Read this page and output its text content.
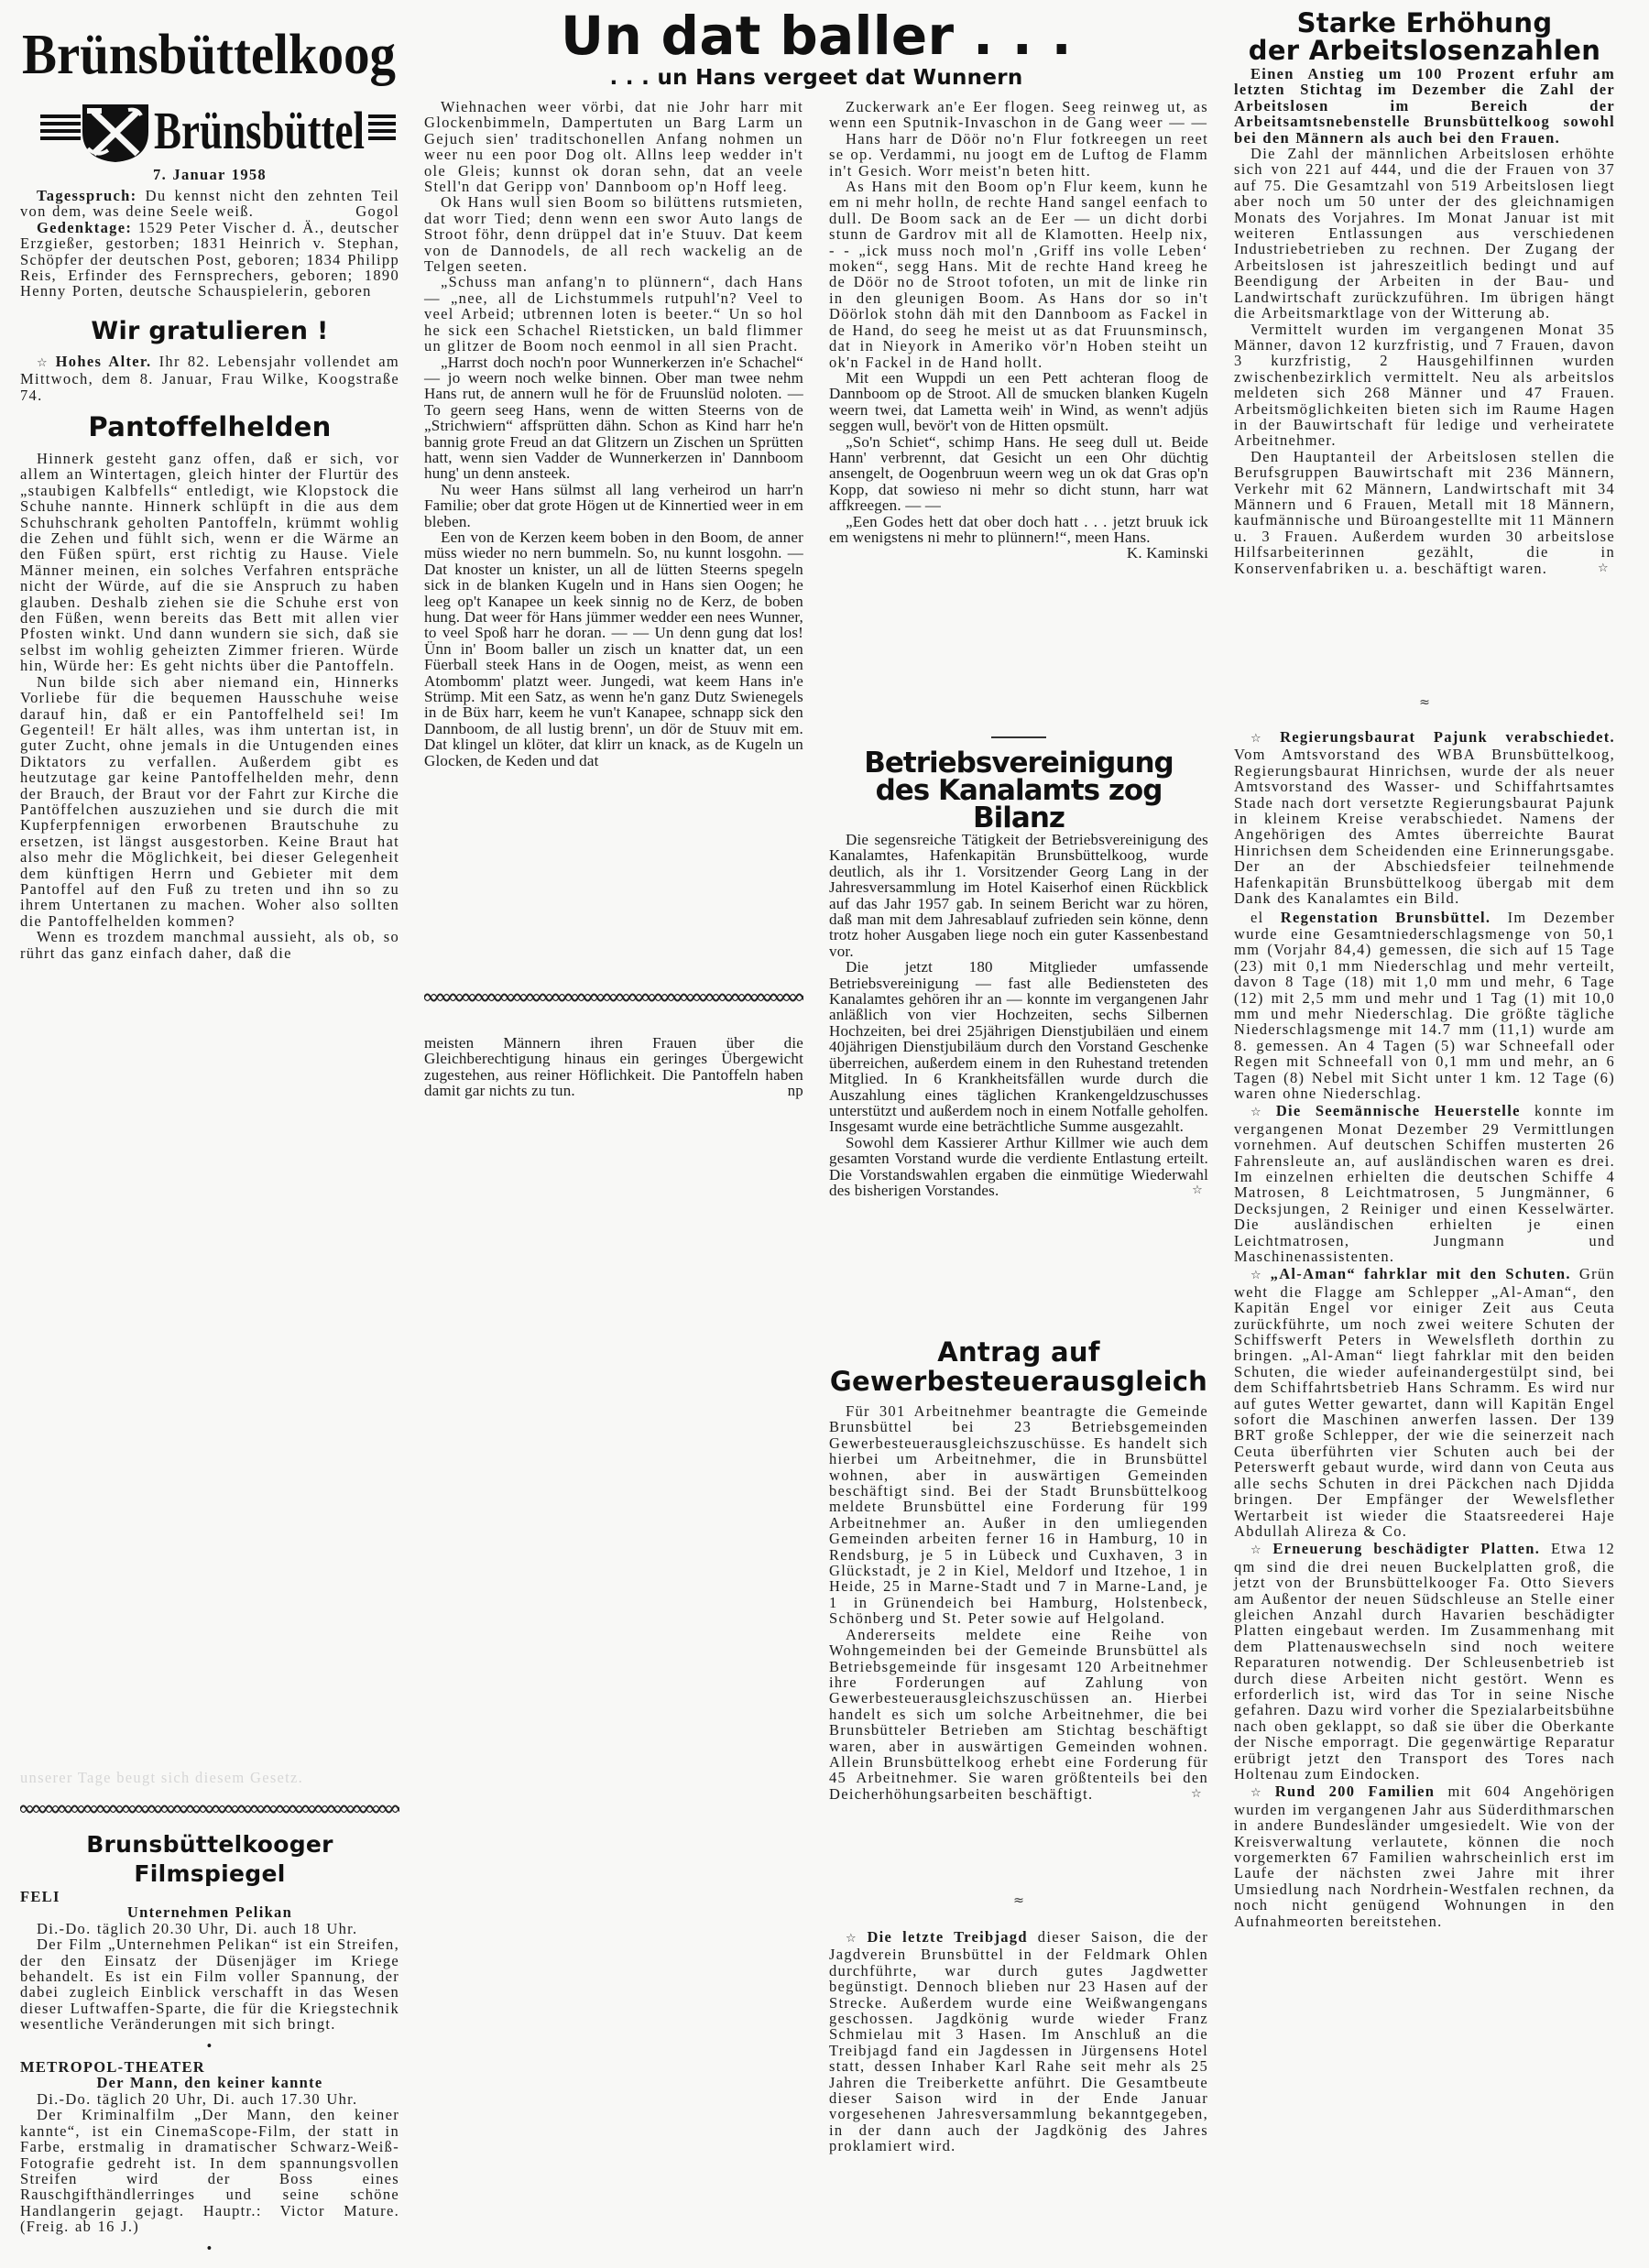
Brünsbüttelkoog
Brünsbüttel
7. Januar 1958

Tagesspruch: Du kennst nicht den zehnten Teil von dem, was deine Seele weiß.	Gogol

Gedenktage: 1529 Peter Vischer d. Ä., deutscher Erzgießer, gestorben; 1831 Heinrich v. Stephan, Schöpfer der deutschen Post, geboren; 1834 Philipp Reis, Erfinder des Fernsprechers, geboren; 1890 Henny Porten, deutsche Schauspielerin, geboren

Wir gratulieren !

☆ Hohes Alter. Ihr 82. Lebensjahr vollendet am Mittwoch, dem 8. Januar, Frau Wilke, Koogstraße 74.

Pantoffelhelden

Hinnerk gesteht ganz offen, daß er sich, vor allem an Wintertagen, gleich hinter der Flurtür des „staubigen Kalbfells“ entledigt, wie Klopstock die Schuhe nannte. Hinnerk schlüpft in die aus dem Schuhschrank geholten Pantoffeln, krümmt wohlig die Zehen und fühlt sich, wenn er die Wärme an den Füßen spürt, erst richtig zu Hause. Viele Männer meinen, ein solches Verfahren entspräche nicht der Würde, auf die sie Anspruch zu haben glauben. Deshalb ziehen sie die Schuhe erst von den Füßen, wenn bereits das Bett mit allen vier Pfosten winkt. Und dann wundern sie sich, daß sie selbst im wohlig geheizten Zimmer frieren. Würde hin, Würde her: Es geht nichts über die Pantoffeln.

Nun bilde sich aber niemand ein, Hinnerks Vorliebe für die bequemen Hausschuhe weise darauf hin, daß er ein Pantoffelheld sei! Im Gegenteil! Er hält alles, was ihm untertan ist, in guter Zucht, ohne jemals in die Untugenden eines Diktators zu verfallen. Außerdem gibt es heutzutage gar keine Pantoffelhelden mehr, denn der Brauch, der Braut vor der Fahrt zur Kirche die Pantöffelchen auszuziehen und sie durch die mit Kupferpfennigen erworbenen Brautschuhe zu ersetzen, ist längst ausgestorben. Keine Braut hat also mehr die Möglichkeit, bei dieser Gelegenheit dem künftigen Herrn und Gebieter mit dem Pantoffel auf den Fuß zu treten und ihn so zu ihrem Untertanen zu machen. Woher also sollten die Pantoffelhelden kommen?

Wenn es trozdem manchmal aussieht, als ob, so rührt das ganz einfach daher, daß die

unserer Tage beugt sich diesem Gesetz.
Brunsbüttelkooger Filmspiegel

FELI

Unternehmen Pelikan

Di.-Do. täglich 20.30 Uhr, Di. auch 18 Uhr.

Der Film „Unternehmen Pelikan“ ist ein Streifen, der den Einsatz der Düsenjäger im Kriege behandelt. Es ist ein Film voller Spannung, der dabei zugleich Einblick verschafft in das Wesen dieser Luftwaffen-Sparte, die für die Kriegstechnik wesentliche Veränderungen mit sich bringt.

•

METROPOL-THEATER

Der Mann, den keiner kannte

Di.-Do. täglich 20 Uhr, Di. auch 17.30 Uhr.

Der Kriminalfilm „Der Mann, den keiner kannte“, ist ein CinemaScope-Film, der statt in Farbe, erstmalig in dramatischer Schwarz-Weiß-Fotografie gedreht ist. In dem spannungsvollen Streifen wird der Boss eines Rauschgifthändlerringes und seine schöne Handlangerin gejagt. Hauptr.: Victor Mature. (Freig. ab 16 J.)

•

Un dat baller . . .
. . . un Hans vergeet dat Wunnern

Wiehnachen weer vörbi, dat nie Johr harr mit Glockenbimmeln, Dampertuten un Barg Larm un Gejuch sien' traditschonellen Anfang nohmen un weer nu een poor Dog olt. Allns leep wedder in't ole Gleis; kunnst ok doran sehn, dat an veele Stell'n dat Geripp von' Dannboom op'n Hoff leeg.

Ok Hans wull sien Boom so bilüttens rutsmieten, dat worr Tied; denn wenn een swor Auto langs de Stroot föhr, denn drüppel dat in'e Stuuv. Dat keem von de Dannodels, de all rech wackelig an de Telgen seeten.

„Schuss man anfang'n to plünnern“, dach Hans — „nee, all de Lichstummels rutpuhl'n? Veel to veel Arbeid; utbrennen loten is beeter.“ Un so hol he sick een Schachel Rietsticken, un bald flimmer un glitzer de Boom noch eenmol in all sien Pracht.

„Harrst doch noch'n poor Wunnerkerzen in'e Schachel“ — jo weern noch welke binnen. Ober man twee nehm Hans rut, de annern wull he för de Fruunslüd noloten. — To geern seeg Hans, wenn de witten Steerns von de „Strichwiern“ affsprütten dähn. Schon as Kind harr he'n bannig grote Freud an dat Glitzern un Zischen un Sprütten hatt, wenn sien Vadder de Wunnerkerzen in' Dannboom hung' un denn ansteek.

Nu weer Hans sülmst all lang verheirod un harr'n Familie; ober dat grote Högen ut de Kinnertied weer in em bleben.

Een von de Kerzen keem boben in den Boom, de anner müss wieder no nern bummeln. So, nu kunnt losgohn. — Dat knoster un knister, un all de lütten Steerns spegeln sick in de blanken Kugeln und in Hans sien Oogen; he leeg op't Kanapee un keek sinnig no de Kerz, de boben hung. Dat weer för Hans jümmer wedder een nees Wunner, to veel Spoß harr he doran. — — Un denn gung dat los! Ünn in' Boom baller un zisch un knatter dat, un een Füerball steek Hans in de Oogen, meist, as wenn een Atombomm' platzt weer. Jungedi, wat keem Hans in'e Strümp. Mit een Satz, as wenn he'n ganz Dutz Swienegels in de Büx harr, keem he vun't Kanapee, schnapp sick den Dannboom, de all lustig brenn', un dör de Stuuv mit em. Dat klingel un klöter, dat klirr un knack, as de Kugeln un Glocken, de Keden und dat

meisten Männern ihren Frauen über die Gleichberechtigung hinaus ein geringes Übergewicht zugestehen, aus reiner Höflichkeit. Die Pantoffeln haben damit gar nichts zu tun.	np

Zuckerwark an'e Eer flogen. Seeg reinweg ut, as wenn een Sputnik-Invaschon in de Gang weer — —

Hans harr de Döör no'n Flur fotkreegen un reet se op. Verdammi, nu joogt em de Luftog de Flamm in't Gesich. Worr meist'n beten hitt.

As Hans mit den Boom op'n Flur keem, kunn he em ni mehr holln, de rechte Hand sangel eenfach to dull. De Boom sack an de Eer — un dicht dorbi stunn de Gardrov mit all de Klamotten. Heelp nix, - - „ick muss noch mol'n ‚Griff ins volle Leben‘ moken“, segg Hans. Mit de rechte Hand kreeg he de Döör no de Stroot tofoten, un mit de linke rin in den gleunigen Boom. As Hans dor so in't Döörlok stohn däh mit den Dannboom as Fackel in de Hand, do seeg he meist ut as dat Fruunsminsch, dat in Nieyork in Ameriko vör'n Hoben steiht un ok'n Fackel in de Hand hollt.

Mit een Wuppdi un een Pett achteran floog de Dannboom op de Stroot. All de smucken blanken Kugeln weern twei, dat Lametta weih' in Wind, as wenn't adjüs seggen wull, bevör't von de Hitten opsmült.

„So'n Schiet“, schimp Hans. He seeg dull ut. Beide Hann' verbrennt, dat Gesicht un een Ohr düchtig ansengelt, de Oogenbruun weern weg un ok dat Gras op'n Kopp, dat sowieso ni mehr so dicht stunn, harr wat affkreegen. — —

„Een Godes hett dat ober doch hatt . . . jetzt bruuk ick em wenigstens ni mehr to plünnern!“, meen Hans.
K. Kaminski

Betriebsvereinigung
des Kanalamts zog Bilanz

Die segensreiche Tätigkeit der Betriebsvereinigung des Kanalamtes, Hafenkapitän Brunsbüttelkoog, wurde deutlich, als ihr 1. Vorsitzender Georg Lang in der Jahresversammlung im Hotel Kaiserhof einen Rückblick auf das Jahr 1957 gab. In seinem Bericht war zu hören, daß man mit dem Jahresablauf zufrieden sein könne, denn trotz hoher Ausgaben liege noch ein guter Kassenbestand vor.

Die jetzt 180 Mitglieder umfassende Betriebsvereinigung — fast alle Bediensteten des Kanalamtes gehören ihr an — konnte im vergangenen Jahr anläßlich von vier Hochzeiten, sechs Silbernen Hochzeiten, bei drei 25jährigen Dienstjubiläen und einem 40jährigen Dienstjubiläum durch den Vorstand Geschenke überreichen, außerdem einem in den Ruhestand tretenden Mitglied. In 6 Krankheitsfällen wurde durch die Auszahlung eines täglichen Krankengeldzuschusses unterstützt und außerdem noch in einem Notfalle geholfen. Insgesamt wurde eine beträchtliche Summe ausgezahlt.

Sowohl dem Kassierer Arthur Killmer wie auch dem gesamten Vorstand wurde die verdiente Entlastung erteilt. Die Vorstandswahlen ergaben die einmütige Wiederwahl des bisherigen Vorstandes.	☆

Antrag auf
Gewerbesteuerausgleich

Für 301 Arbeitnehmer beantragte die Gemeinde Brunsbüttel bei 23 Betriebsgemeinden Gewerbesteuerausgleichszuschüsse. Es handelt sich hierbei um Arbeitnehmer, die in Brunsbüttel wohnen, aber in auswärtigen Gemeinden beschäftigt sind. Bei der Stadt Brunsbüttelkoog meldete Brunsbüttel eine Forderung für 199 Arbeitnehmer an. Außer in den umliegenden Gemeinden arbeiten ferner 16 in Hamburg, 10 in Rendsburg, je 5 in Lübeck und Cuxhaven, 3 in Glückstadt, je 2 in Kiel, Meldorf und Itzehoe, 1 in Heide, 25 in Marne-Stadt und 7 in Marne-Land, je 1 in Grünendeich bei Hamburg, Holstenbeck, Schönberg und St. Peter sowie auf Helgoland.

Andererseits meldete eine Reihe von Wohngemeinden bei der Gemeinde Brunsbüttel als Betriebsgemeinde für insgesamt 120 Arbeitnehmer ihre Forderungen auf Zahlung von Gewerbesteuerausgleichszuschüssen an. Hierbei handelt es sich um solche Arbeitnehmer, die bei Brunsbütteler Betrieben am Stichtag beschäftigt waren, aber in auswärtigen Gemeinden wohnen. Allein Brunsbüttelkoog erhebt eine Forderung für 45 Arbeitnehmer. Sie waren größtenteils bei den Deicherhöhungsarbeiten beschäftigt.	☆

≈

☆ Die letzte Treibjagd dieser Saison, die der Jagdverein Brunsbüttel in der Feldmark Ohlen durchführte, war durch gutes Jagdwetter begünstigt. Dennoch blieben nur 23 Hasen auf der Strecke. Außerdem wurde eine Weißwangengans geschossen. Jagdkönig wurde wieder Franz Schmielau mit 3 Hasen. Im Anschluß an die Treibjagd fand ein Jagdessen in Jürgensens Hotel statt, dessen Inhaber Karl Rahe seit mehr als 25 Jahren die Treiberkette anführt. Die Gesamtbeute dieser Saison wird in der Ende Januar vorgesehenen Jahresversammlung bekanntgegeben, in der dann auch der Jagdkönig des Jahres proklamiert wird.

Starke Erhöhung
der Arbeitslosenzahlen

Einen Anstieg um 100 Prozent erfuhr am letzten Stichtag im Dezember die Zahl der Arbeitslosen im Bereich der Arbeitsamtsnebenstelle Brunsbüttelkoog sowohl bei den Männern als auch bei den Frauen.

Die Zahl der männlichen Arbeitslosen erhöhte sich von 221 auf 444, und die der Frauen von 37 auf 75. Die Gesamtzahl von 519 Arbeitslosen liegt aber noch um 50 unter der des gleichnamigen Monats des Vorjahres. Im Monat Januar ist mit weiteren Entlassungen aus verschiedenen Industriebetrieben zu rechnen. Der Zugang der Arbeitslosen ist jahreszeitlich bedingt und auf Beendigung der Arbeiten in der Bau- und Landwirtschaft zurückzuführen. Im übrigen hängt die Arbeitsmarktlage von der Witterung ab.

Vermittelt wurden im vergangenen Monat 35 Männer, davon 12 kurzfristig, und 7 Frauen, davon 3 kurzfristig, 2 Hausgehilfinnen wurden zwischenbezirklich vermittelt. Neu als arbeitslos meldeten sich 268 Männer und 47 Frauen. Arbeitsmöglichkeiten bieten sich im Raume Hagen in der Bauwirtschaft für ledige und verheiratete Arbeitnehmer.

Den Hauptanteil der Arbeitslosen stellen die Berufsgruppen Bauwirtschaft mit 236 Männern, Verkehr mit 62 Männern, Landwirtschaft mit 34 Männern und 6 Frauen, Metall mit 18 Männern, kaufmännische und Büroangestellte mit 11 Männern u. 3 Frauen. Außerdem wurden 30 arbeitslose Hilfsarbeiterinnen gezählt, die in Konservenfabriken u. a. beschäftigt waren.	☆

≈

☆ Regierungsbaurat Pajunk verabschiedet. Vom Amtsvorstand des WBA Brunsbüttelkoog, Regierungsbaurat Hinrichsen, wurde der als neuer Amtsvorstand des Wasser- und Schiffahrtsamtes Stade nach dort versetzte Regierungsbaurat Pajunk in kleinem Kreise verabschiedet. Namens der Angehörigen des Amtes überreichte Baurat Hinrichsen dem Scheidenden eine Erinnerungsgabe. Der an der Abschiedsfeier teilnehmende Hafenkapitän Brunsbüttelkoog übergab mit dem Dank des Kanalamtes ein Bild.

el Regenstation Brunsbüttel. Im Dezember wurde eine Gesamtniederschlagsmenge von 50,1 mm (Vorjahr 84,4) gemessen, die sich auf 15 Tage (23) mit 0,1 mm Niederschlag und mehr verteilt, davon 8 Tage (18) mit 1,0 mm und mehr, 6 Tage (12) mit 2,5 mm und mehr und 1 Tag (1) mit 10,0 mm und mehr Niederschlag. Die größte tägliche Niederschlagsmenge mit 14.7 mm (11,1) wurde am 8. gemessen. An 4 Tagen (5) war Schneefall oder Regen mit Schneefall von 0,1 mm und mehr, an 6 Tagen (8) Nebel mit Sicht unter 1 km. 12 Tage (6) waren ohne Niederschlag.

☆ Die Seemännische Heuerstelle konnte im vergangenen Monat Dezember 29 Vermittlungen vornehmen. Auf deutschen Schiffen musterten 26 Fahrensleute an, auf ausländischen waren es drei. Im einzelnen erhielten die deutschen Schiffe 4 Matrosen, 8 Leichtmatrosen, 5 Jungmänner, 6 Decksjungen, 2 Reiniger und einen Kesselwärter. Die ausländischen erhielten je einen Leichtmatrosen, Jungmann und Maschinenassistenten.

☆ „Al-Aman“ fahrklar mit den Schuten. Grün weht die Flagge am Schlepper „Al-Aman“, den Kapitän Engel vor einiger Zeit aus Ceuta zurückführte, um noch zwei weitere Schuten der Schiffswerft Peters in Wewelsfleth dorthin zu bringen. „Al-Aman“ liegt fahrklar mit den beiden Schuten, die wieder aufeinandergestülpt sind, bei dem Schiffahrtsbetrieb Hans Schramm. Es wird nur auf gutes Wetter gewartet, dann will Kapitän Engel sofort die Maschinen anwerfen lassen. Der 139 BRT große Schlepper, der wie die seinerzeit nach Ceuta überführten vier Schuten auch bei der Peterswerft gebaut wurde, wird dann von Ceuta aus alle sechs Schuten in drei Päckchen nach Djidda bringen. Der Empfänger der Wewelsflether Wertarbeit ist wieder die Staatsreederei Haje Abdullah Alireza & Co.

☆ Erneuerung beschädigter Platten. Etwa 12 qm sind die drei neuen Buckelplatten groß, die jetzt von der Brunsbüttelkooger Fa. Otto Sievers am Außentor der neuen Südschleuse an Stelle einer gleichen Anzahl durch Havarien beschädigter Platten eingebaut werden. Im Zusammenhang mit dem Plattenauswechseln sind noch weitere Reparaturen notwendig. Der Schleusenbetrieb ist durch diese Arbeiten nicht gestört. Wenn es erforderlich ist, wird das Tor in seine Nische gefahren. Dazu wird vorher die Spezialarbeitsbühne nach oben geklappt, so daß sie über die Oberkante der Nische emporragt. Die gegenwärtige Reparatur erübrigt jetzt den Transport des Tores nach Holtenau zum Eindocken.

☆ Rund 200 Familien mit 604 Angehörigen wurden im vergangenen Jahr aus Süderdithmarschen in andere Bundesländer umgesiedelt. Wie von der Kreisverwaltung verlautete, können die noch vorgemerkten 67 Familien wahrscheinlich erst im Laufe der nächsten zwei Jahre mit ihrer Umsiedlung nach Nordrhein-Westfalen rechnen, da noch nicht genügend Wohnungen in den Aufnahmeorten bereitstehen.
